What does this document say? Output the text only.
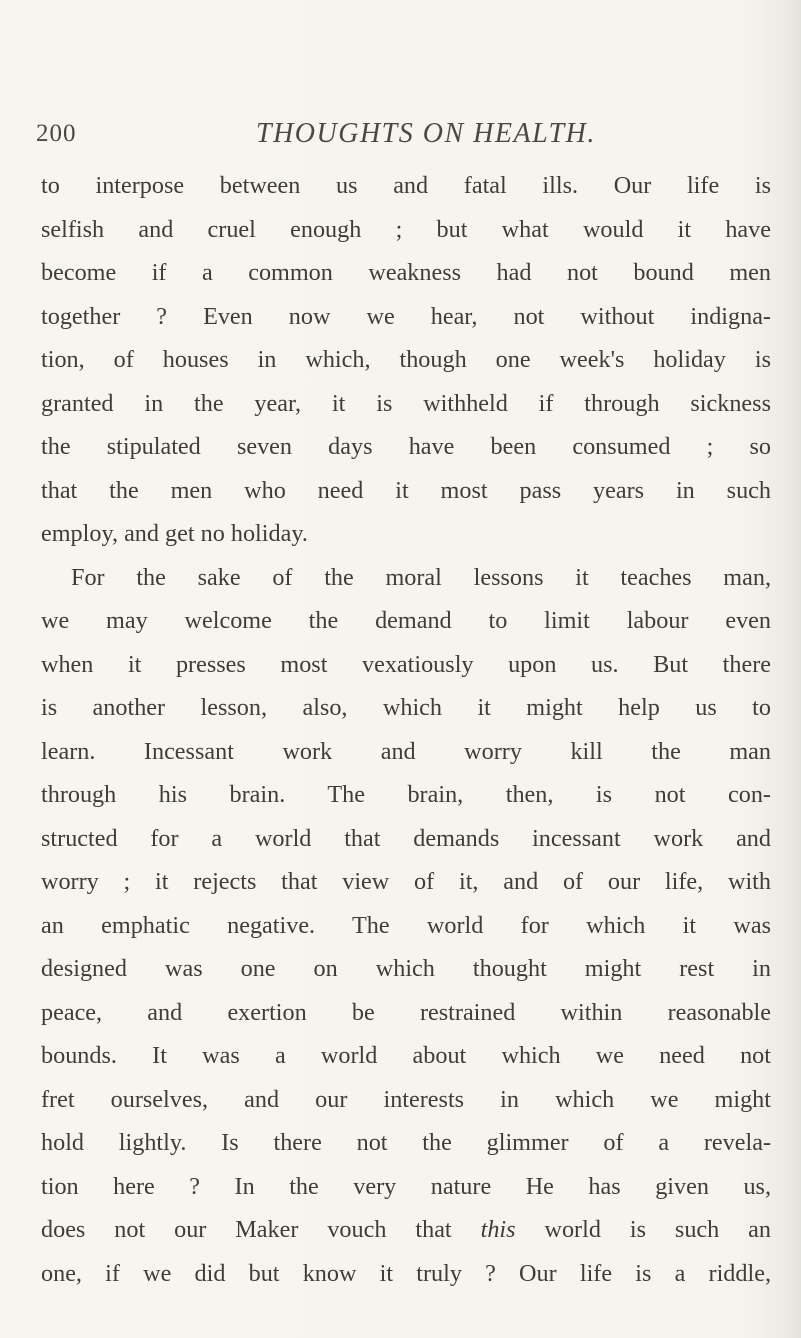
200	THOUGHTS ON HEALTH.
to interpose between us and fatal ills. Our life is
selfish and cruel enough ; but what would it have
become if a common weakness had not bound men
together ? Even now we hear, not without indigna-
tion, of houses in which, though one week's holiday is
granted in the year, it is withheld if through sickness
the stipulated seven days have been consumed ; so
that the men who need it most pass years in such
employ, and get no holiday.
For the sake of the moral lessons it teaches man,
we may welcome the demand to limit labour even
when it presses most vexatiously upon us. But there
is another lesson, also, which it might help us to
learn. Incessant work and worry kill the man
through his brain. The brain, then, is not con-
structed for a world that demands incessant work and
worry ; it rejects that view of it, and of our life, with
an emphatic negative. The world for which it was
designed was one on which thought might rest in
peace, and exertion be restrained within reasonable
bounds. It was a world about which we need not
fret ourselves, and our interests in which we might
hold lightly. Is there not the glimmer of a revela-
tion here ? In the very nature He has given us,
does not our Maker vouch that this world is such an
one, if we did but know it truly ? Our life is a riddle,
